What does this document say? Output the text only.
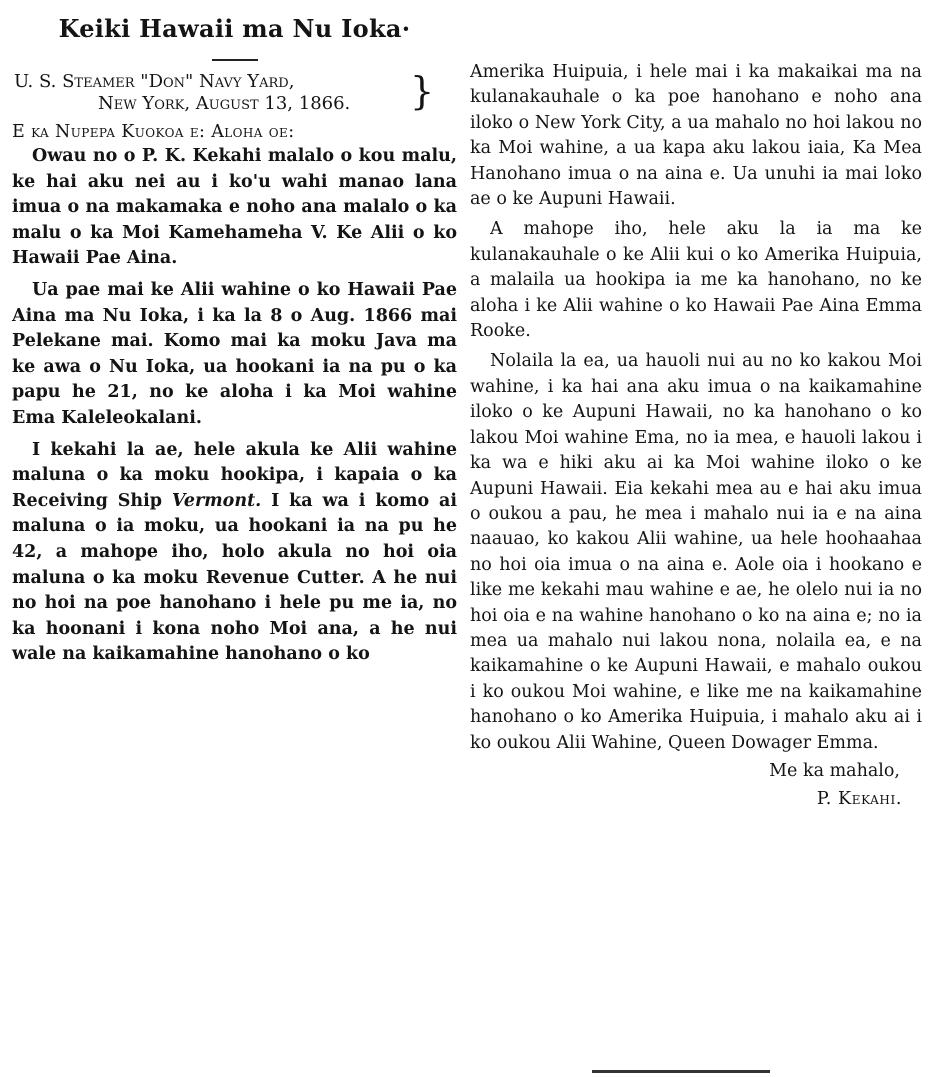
Keiki Hawaii ma Nu Ioka·
U. S. Steamer "Don" Navy Yard,
New York, August 13, 1866.	}
E ka Nupepa Kuokoa e: Aloha oe:

Owau no o P. K. Kekahi malalo o kou malu, ke hai aku nei au i ko'u wahi manao lana imua o na makamaka e noho ana malalo o ka malu o ka Moi Kamehameha V. Ke Alii o ko Hawaii Pae Aina.

Ua pae mai ke Alii wahine o ko Hawaii Pae Aina ma Nu Ioka, i ka la 8 o Aug. 1866 mai Pelekane mai. Komo mai ka moku Java ma ke awa o Nu Ioka, ua hookani ia na pu o ka papu he 21, no ke aloha i ka Moi wahine Ema Kaleleokalani.

I kekahi la ae, hele akula ke Alii wahine maluna o ka moku hookipa, i kapaia o ka Receiving Ship Vermont. I ka wa i komo ai maluna o ia moku, ua hookani ia na pu he 42, a mahope iho, holo akula no hoi oia maluna o ka moku Revenue Cutter. A he nui no hoi na poe hanohano i hele pu me ia, no ka hoonani i kona noho Moi ana, a he nui wale na kaikamahine hanohano o ko

Amerika Huipuia, i hele mai i ka makaikai ma na kulanakauhale o ka poe hanohano e noho ana iloko o New York City, a ua mahalo no hoi lakou no ka Moi wahine, a ua kapa aku lakou iaia, Ka Mea Hanohano imua o na aina e. Ua unuhi ia mai loko ae o ke Aupuni Hawaii.

A mahope iho, hele aku la ia ma ke kulanakauhale o ke Alii kui o ko Amerika Huipuia, a malaila ua hookipa ia me ka hanohano, no ke aloha i ke Alii wahine o ko Hawaii Pae Aina Emma Rooke.

Nolaila la ea, ua hauoli nui au no ko kakou Moi wahine, i ka hai ana aku imua o na kaikamahine iloko o ke Aupuni Hawaii, no ka hanohano o ko lakou Moi wahine Ema, no ia mea, e hauoli lakou i ka wa e hiki aku ai ka Moi wahine iloko o ke Aupuni Hawaii. Eia kekahi mea au e hai aku imua o oukou a pau, he mea i mahalo nui ia e na aina naauao, ko kakou Alii wahine, ua hele hoohaahaa no hoi oia imua o na aina e. Aole oia i hookano e like me kekahi mau wahine e ae, he olelo nui ia no hoi oia e na wahine hanohano o ko na aina e; no ia mea ua mahalo nui lakou nona, nolaila ea, e na kaikamahine o ke Aupuni Hawaii, e mahalo oukou i ko oukou Moi wahine, e like me na kaikamahine hanohano o ko Amerika Huipuia, i mahalo aku ai i ko oukou Alii Wahine, Queen Dowager Emma.

Me ka mahalo,
P. Kekahi.
